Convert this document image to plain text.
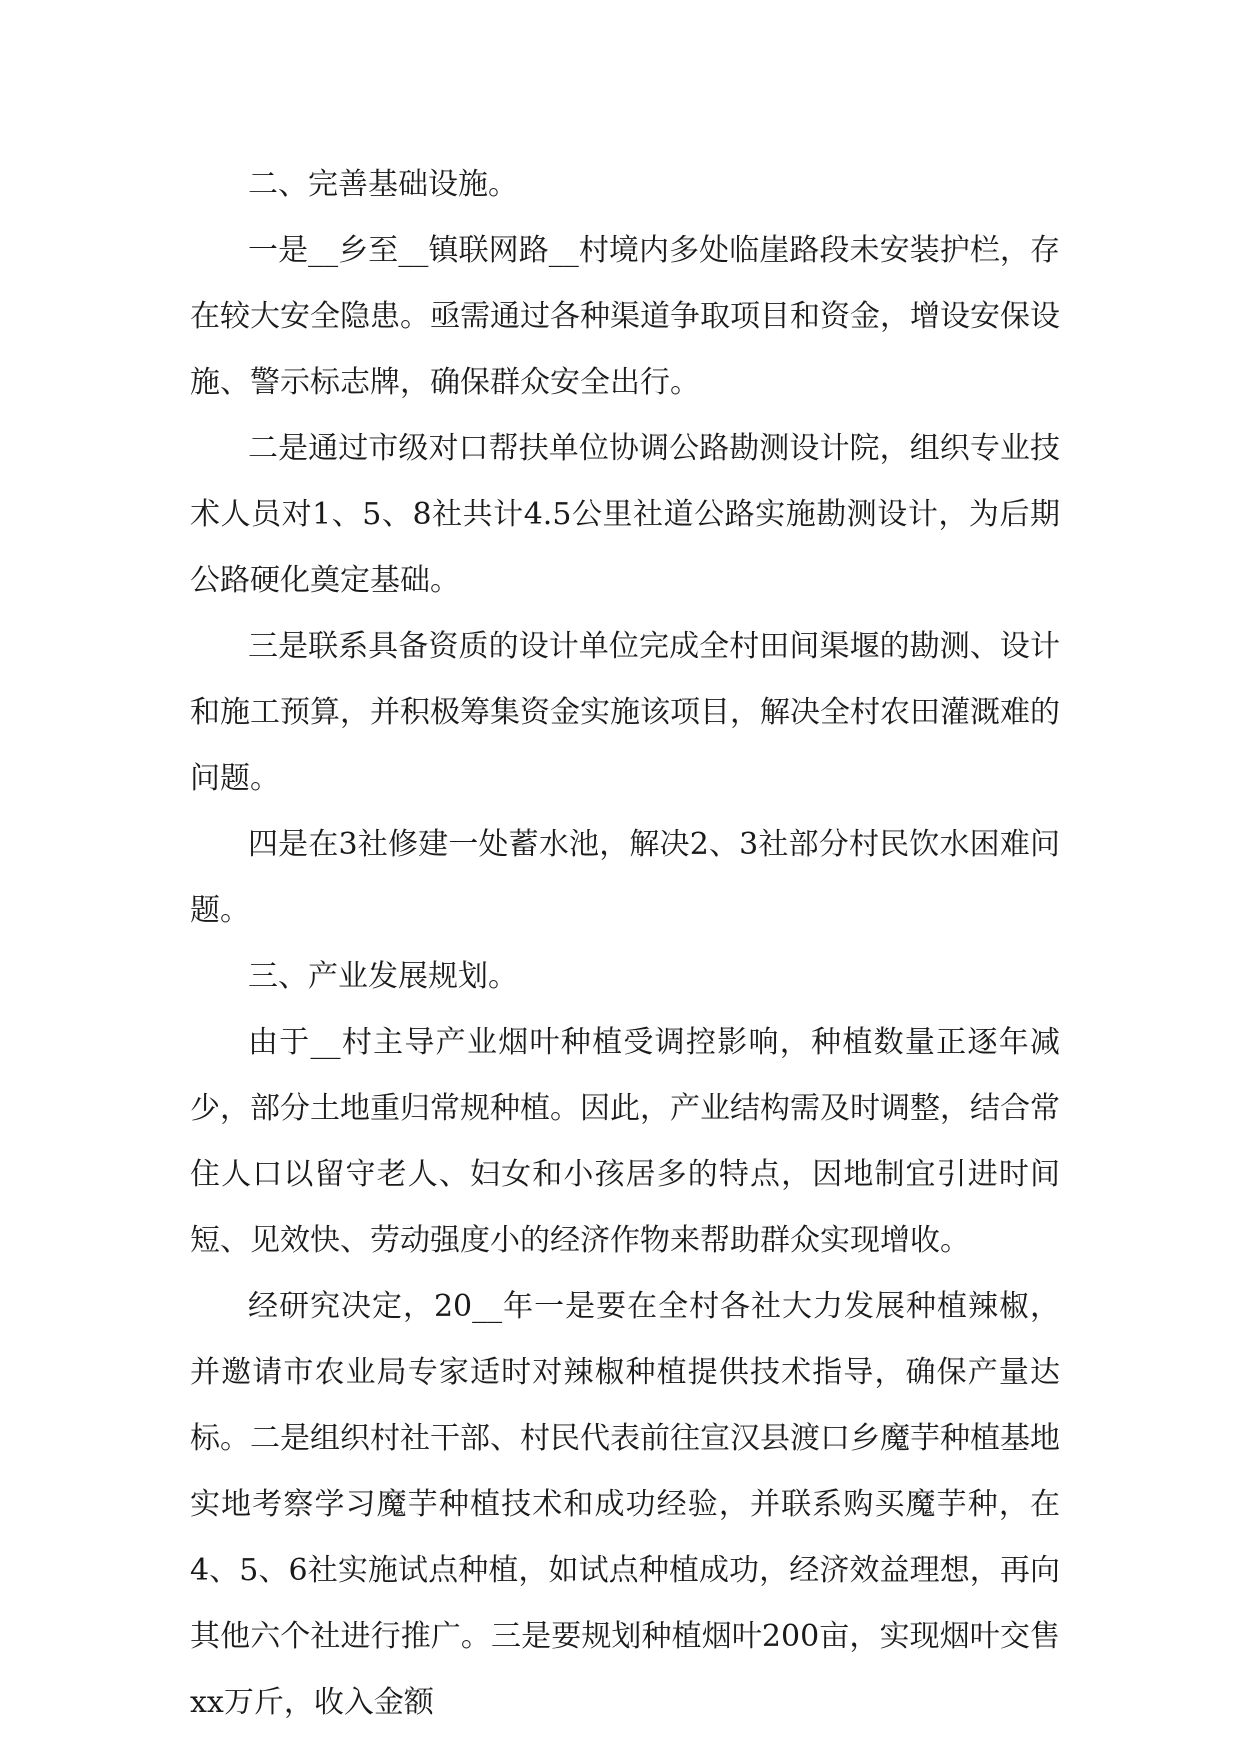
二、完善基础设施。

一是__乡至__镇联网路__村境内多处临崖路段未安装护栏，存在较大安全隐患。亟需通过各种渠道争取项目和资金，增设安保设施、警示标志牌，确保群众安全出行。

二是通过市级对口帮扶单位协调公路勘测设计院，组织专业技术人员对1、5、8社共计4.5公里社道公路实施勘测设计，为后期公路硬化奠定基础。

三是联系具备资质的设计单位完成全村田间渠堰的勘测、设计和施工预算，并积极筹集资金实施该项目，解决全村农田灌溉难的问题。

四是在3社修建一处蓄水池，解决2、3社部分村民饮水困难问题。

三、产业发展规划。

由于__村主导产业烟叶种植受调控影响，种植数量正逐年减少，部分土地重归常规种植。因此，产业结构需及时调整，结合常住人口以留守老人、妇女和小孩居多的特点，因地制宜引进时间短、见效快、劳动强度小的经济作物来帮助群众实现增收。

经研究决定，20__年一是要在全村各社大力发展种植辣椒，并邀请市农业局专家适时对辣椒种植提供技术指导，确保产量达标。二是组织村社干部、村民代表前往宣汉县渡口乡魔芋种植基地实地考察学习魔芋种植技术和成功经验，并联系购买魔芋种，在4、5、6社实施试点种植，如试点种植成功，经济效益理想，再向其他六个社进行推广。三是要规划种植烟叶200亩，实现烟叶交售xx万斤，收入金额
